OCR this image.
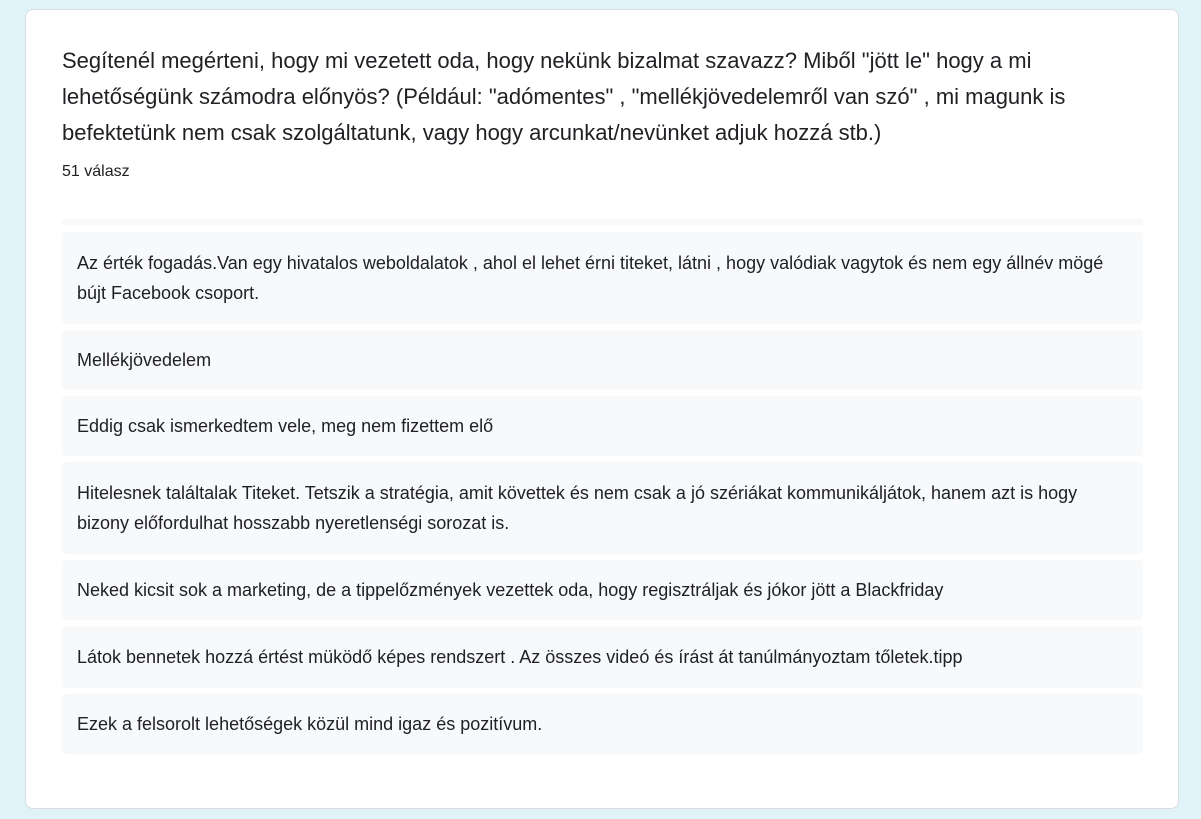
Segítenél megérteni, hogy mi vezetett oda, hogy nekünk bizalmat szavazz? Miből "jött le" hogy a mi lehetőségünk számodra előnyös? (Például: "adómentes" , "mellékjövedelemről van szó" , mi magunk is befektetünk nem csak szolgáltatunk, vagy hogy arcunkat/nevünket adjuk hozzá stb.)
51 válasz
Az érték fogadás.Van egy hivatalos weboldalatok , ahol el lehet érni titeket, látni , hogy valódiak vagytok és nem egy állnév mögé bújt Facebook csoport.
Mellékjövedelem
Eddig csak ismerkedtem vele, meg nem fizettem elő
Hitelesnek találtalak Titeket. Tetszik a stratégia, amit követtek és nem csak a jó szériákat kommunikáljátok, hanem azt is hogy bizony előfordulhat hosszabb nyeretlenségi sorozat is.
Neked kicsit sok a marketing, de a tippelőzmények vezettek oda, hogy regisztráljak és jókor jött a Blackfriday
Látok bennetek hozzá értést müködő képes rendszert . Az összes videó és írást át tanúlmányoztam tőletek.tipp
Ezek a felsorolt lehetőségek közül mind igaz és pozitívum.
